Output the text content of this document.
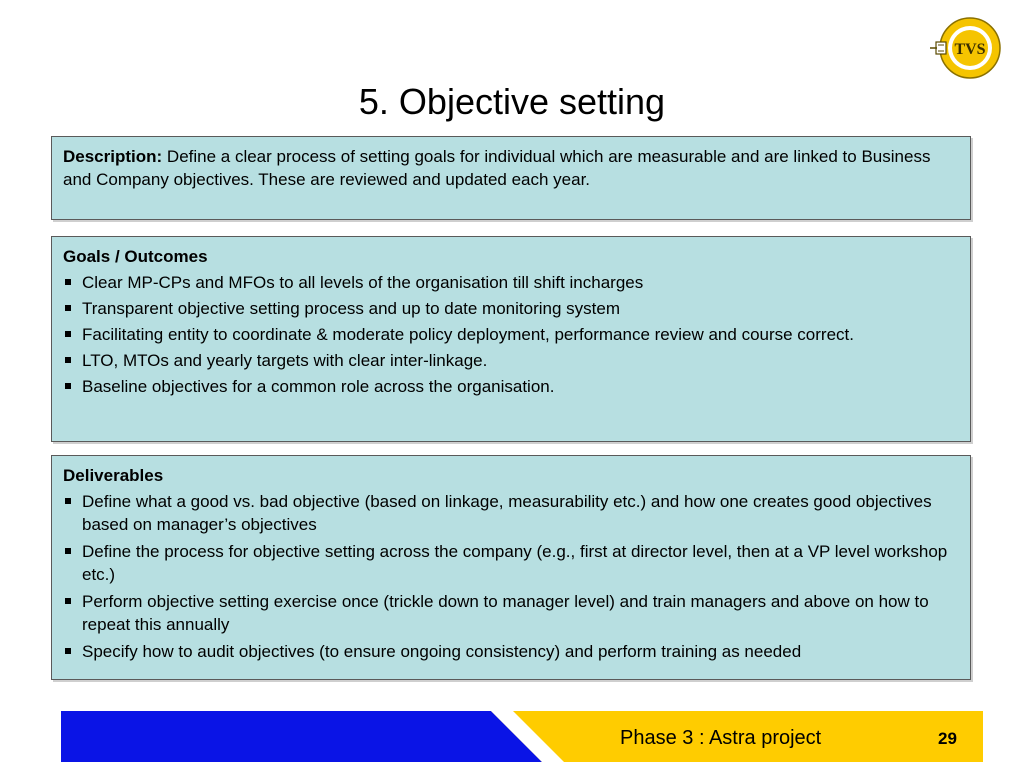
TVS
5. Objective setting
Description: Define a clear process of setting goals for individual which are measurable and are linked to Business and Company objectives. These are reviewed and updated each year.
Goals / Outcomes
Clear MP-CPs and MFOs to all levels of the organisation till shift incharges
Transparent objective setting process and up to date monitoring system
Facilitating entity to coordinate & moderate policy deployment, performance review and course correct.
LTO, MTOs and yearly targets with clear inter-linkage.
Baseline objectives for a common role across the organisation.
Deliverables
Define what a good vs. bad objective (based on linkage, measurability etc.) and how one creates good objectives based on manager’s objectives
Define the process for objective setting across the company (e.g., first at director level, then at a VP level workshop etc.)
Perform objective setting exercise once (trickle down to manager level) and train managers and above on how to repeat this annually
Specify how to audit objectives (to ensure ongoing consistency) and perform training as needed
Phase 3 : Astra project	29
